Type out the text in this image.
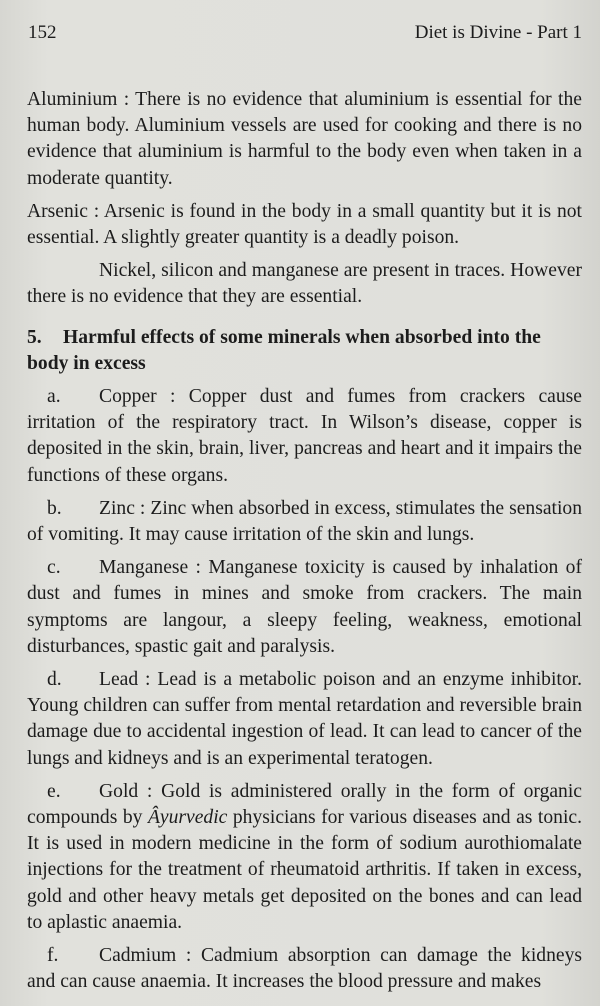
152	Diet is Divine - Part 1

Aluminium : There is no evidence that aluminium is essential for the human body. Aluminium vessels are used for cooking and there is no evidence that aluminium is harmful to the body even when taken in a moderate quantity.

Arsenic : Arsenic is found in the body in a small quantity but it is not essential. A slightly greater quantity is a deadly poison.

Nickel, silicon and manganese are present in traces. However there is no evidence that they are essential.

5. Harmful effects of some minerals when absorbed into the body in excess

a. Copper : Copper dust and fumes from crackers cause irritation of the respiratory tract. In Wilson’s disease, copper is deposited in the skin, brain, liver, pancreas and heart and it impairs the functions of these organs.

b. Zinc : Zinc when absorbed in excess, stimulates the sensation of vomiting. It may cause irritation of the skin and lungs.

c. Manganese : Manganese toxicity is caused by inhalation of dust and fumes in mines and smoke from crackers. The main symptoms are langour, a sleepy feeling, weakness, emotional disturbances, spastic gait and paralysis.

d. Lead : Lead is a metabolic poison and an enzyme inhibitor. Young children can suffer from mental retardation and reversible brain damage due to accidental ingestion of lead. It can lead to cancer of the lungs and kidneys and is an experimental teratogen.

e. Gold : Gold is administered orally in the form of organic compounds by Âyurvedic physicians for various diseases and as tonic. It is used in modern medicine in the form of sodium aurothiomalate injections for the treatment of rheumatoid arthritis. If taken in excess, gold and other heavy metals get deposited on the bones and can lead to aplastic anaemia.

f. Cadmium : Cadmium absorption can damage the kidneys and can cause anaemia. It increases the blood pressure and makes
